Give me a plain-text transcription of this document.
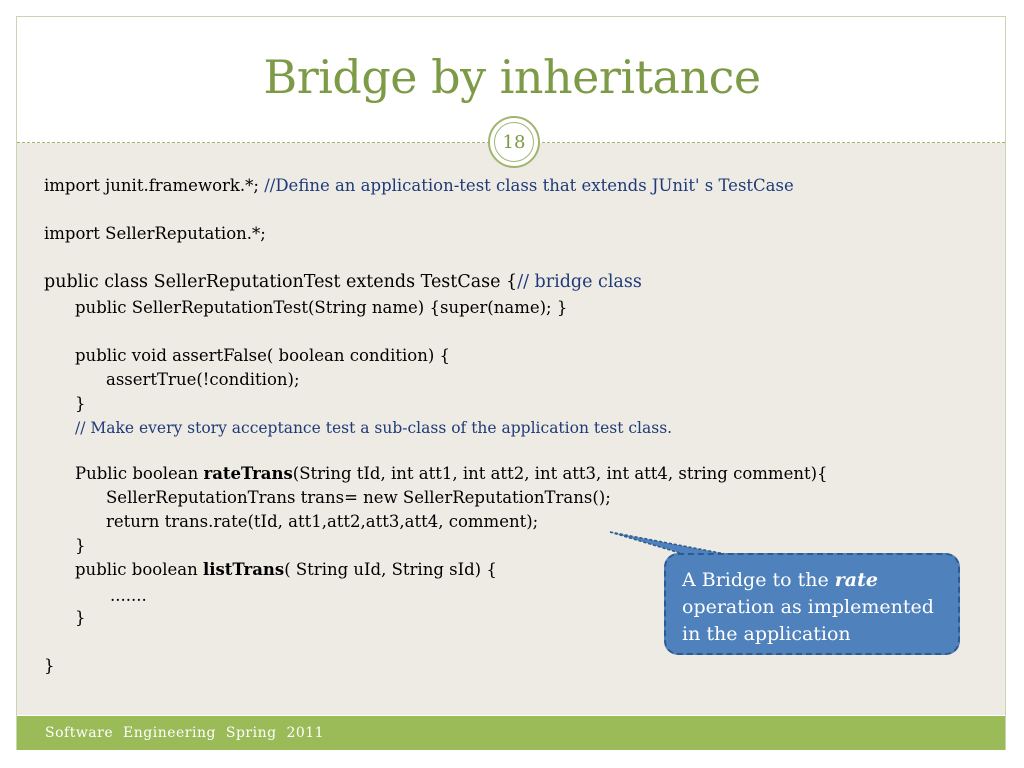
Bridge by inheritance
18
import junit.framework.*; //Define an application-test class that extends JUnit' s TestCase
import SellerReputation.*;
public class SellerReputationTest extends TestCase {// bridge class
public SellerReputationTest(String name) {super(name); }
public void assertFalse( boolean condition) {
assertTrue(!condition);
}
// Make every story acceptance test a sub-class of the application test class.
Public boolean rateTrans(String tId, int att1, int att2, int att3, int att4, string comment){
SellerReputationTrans trans= new SellerReputationTrans();
return trans.rate(tId, att1,att2,att3,att4, comment);
}
public boolean listTrans( String uId, String sId) {
.......
}
}
A Bridge to the rate
operation as implemented in the application
Software  Engineering  Spring  2011
